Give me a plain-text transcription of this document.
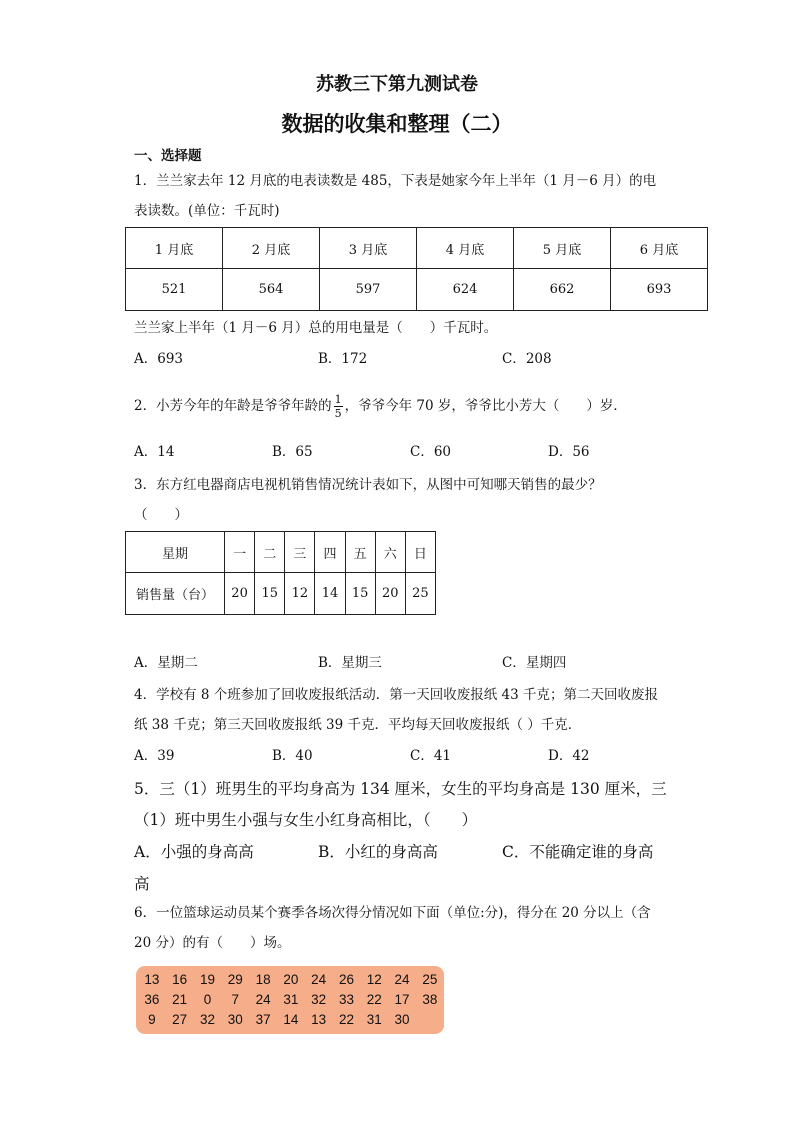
苏教三下第九测试卷
数据的收集和整理（二）
一、选择题
1．兰兰家去年 12 月底的电表读数是 485，下表是她家今年上半年（1 月－6 月）的电
表读数。(单位：千瓦时)
1 月底	2 月底	3 月底	4 月底	5 月底	6 月底
521	564	597	624	662	693
兰兰家上半年（1 月－6 月）总的用电量是（　　）千瓦时。
A．693	B．172	C．208
2．小芳今年的年龄是爷爷年龄的 $\frac{1}{5}$ ，爷爷今年 70 岁，爷爷比小芳大（　　）岁．
A．14	B．65	C．60	D．56
3．东方红电器商店电视机销售情况统计表如下，从图中可知哪天销售的最少？
（　　）
星期	一	二	三	四	五	六	日
销售量（台）	20	15	12	14	15	20	25
A．星期二	B．星期三	C．星期四
4．学校有 8 个班参加了回收废报纸活动．第一天回收废报纸 43 千克；第二天回收废报
纸 38 千克；第三天回收废报纸 39 千克．平均每天回收废报纸（ ）千克．
A．39	B．40	C．41	D．42
5．三（1）班男生的平均身高为 134 厘米，女生的平均身高是 130 厘米，三
（1）班中男生小强与女生小红身高相比，（　　）
A．小强的身高高	B．小红的身高高	C．不能确定谁的身高
高
6．一位篮球运动员某个赛季各场次得分情况如下面（单位:分)，得分在 20 分以上（含
20 分）的有（　　）场。
13 16 19 29 18 20 24 26 12 24 25
36 21	0	7	24 31 32 33 22 17 38
9	27 32 30 37 14 13 22 31 30
